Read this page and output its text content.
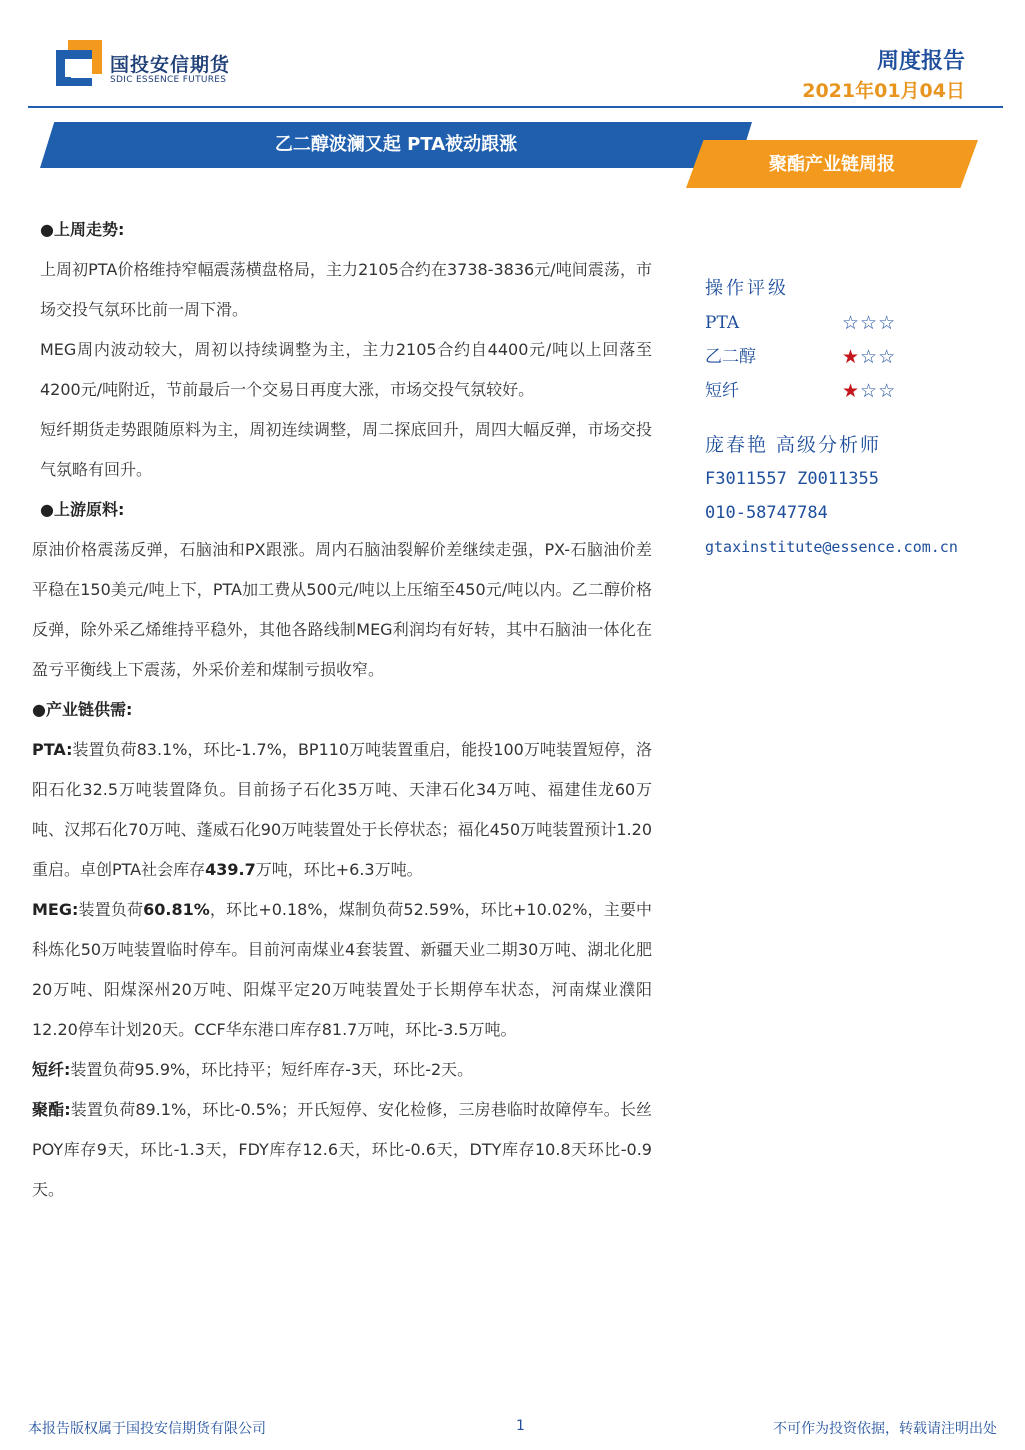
国投安信期货
SDIC ESSENCE FUTURES
周度报告
2021年01月04日
乙二醇波澜又起 PTA被动跟涨
聚酯产业链周报
●上周走势:

上周初PTA价格维持窄幅震荡横盘格局，主力2105合约在3738-3836元/吨间震荡，市场交投气氛环比前一周下滑。

MEG周内波动较大，周初以持续调整为主，主力2105合约自4400元/吨以上回落至4200元/吨附近，节前最后一个交易日再度大涨，市场交投气氛较好。

短纤期货走势跟随原料为主，周初连续调整，周二探底回升，周四大幅反弹，市场交投气氛略有回升。

●上游原料:

原油价格震荡反弹，石脑油和PX跟涨。周内石脑油裂解价差继续走强，PX-石脑油价差平稳在150美元/吨上下，PTA加工费从500元/吨以上压缩至450元/吨以内。乙二醇价格反弹，除外采乙烯维持平稳外，其他各路线制MEG利润均有好转，其中石脑油一体化在盈亏平衡线上下震荡，外采价差和煤制亏损收窄。

●产业链供需:

PTA:装置负荷83.1%，环比-1.7%，BP110万吨装置重启，能投100万吨装置短停，洛阳石化32.5万吨装置降负。目前扬子石化35万吨、天津石化34万吨、福建佳龙60万吨、汉邦石化70万吨、蓬威石化90万吨装置处于长停状态；福化450万吨装置预计1.20重启。卓创PTA社会库存439.7万吨，环比+6.3万吨。

MEG:装置负荷60.81%，环比+0.18%，煤制负荷52.59%，环比+10.02%，主要中科炼化50万吨装置临时停车。目前河南煤业4套装置、新疆天业二期30万吨、湖北化肥20万吨、阳煤深州20万吨、阳煤平定20万吨装置处于长期停车状态，河南煤业濮阳12.20停车计划20天。CCF华东港口库存81.7万吨，环比-3.5万吨。

短纤:装置负荷95.9%，环比持平；短纤库存-3天，环比-2天。

聚酯:装置负荷89.1%，环比-0.5%；开氏短停、安化检修，三房巷临时故障停车。长丝POY库存9天，环比-1.3天，FDY库存12.6天，环比-0.6天，DTY库存10.8天环比-0.9天。

操作评级
PTA	☆☆☆
乙二醇	★☆☆
短纤	★☆☆
庞春艳 高级分析师
F3011557 Z0011355
010-58747784
gtaxinstitute@essence.com.cn
本报告版权属于国投安信期货有限公司	1	不可作为投资依据，转载请注明出处
